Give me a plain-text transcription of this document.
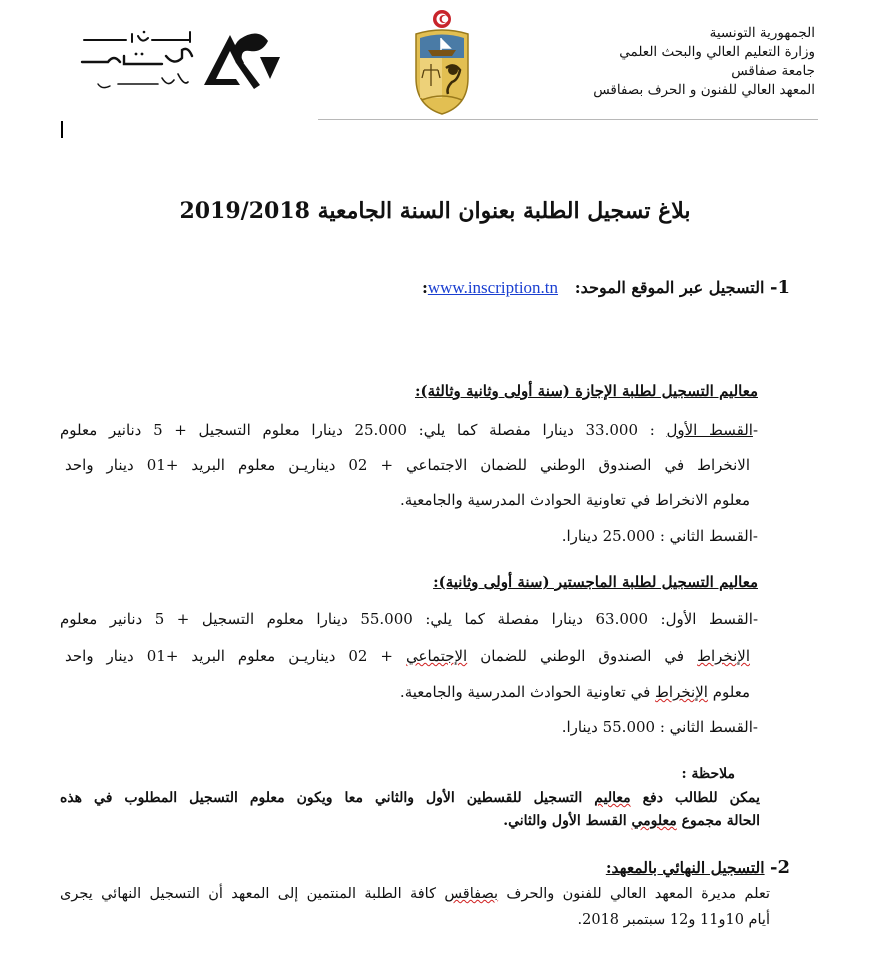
الجمهورية التونسية
وزارة التعليم العالي والبحث العلمي
جامعة صفاقس
المعهد العالي للفنون و الحرف بصفاقس
بلاغ تسجيل الطلبة بعنوان السنة الجامعية 2019/2018
1- التسجيل عبر الموقع الموحد:   www.inscription.tn:
معاليم التسجيل لطلبة الإجازة (سنة أولى وثانية وثالثة):
-القسط الأول : 33.000 دينارا مفصلة كما يلي: 25.000 دينارا معلوم التسجيل + 5 دنانير معلوم
الانخراط في الصندوق الوطني للضمان الاجتماعي + 02 ديناريـن معلوم البريد +01 دينار واحد
معلوم الانخراط في تعاونية الحوادث المدرسية والجامعية.
-القسط الثاني : 25.000 دينارا.
معاليم التسجيل لطلبة الماجستير (سنة أولى وثانية):
-القسط الأول: 63.000 دينارا مفصلة كما يلي: 55.000 دينارا معلوم التسجيل + 5 دنانير معلوم
الإنخراط في الصندوق الوطني للضمان الإجتماعي + 02 ديناريـن معلوم البريد +01 دينار واحد
معلوم الإنخراط في تعاونية الحوادث المدرسية والجامعية.
-القسط الثاني : 55.000 دينارا.
ملاحظة :
يمكن للطالب دفع معاليم التسجيل للقسطين الأول والثاني معا ويكون معلوم التسجيل المطلوب في هذه
الحالة مجموع معلومي القسط الأول والثاني.
2- التسجيل النهائي بالمعهد:
تعلم مديرة المعهد العالي للفنون والحرف بصفاقس كافة الطلبة المنتمين إلى المعهد أن التسجيل النهائي يجرى
أيام 10و11 و12 سبتمبر 2018.
